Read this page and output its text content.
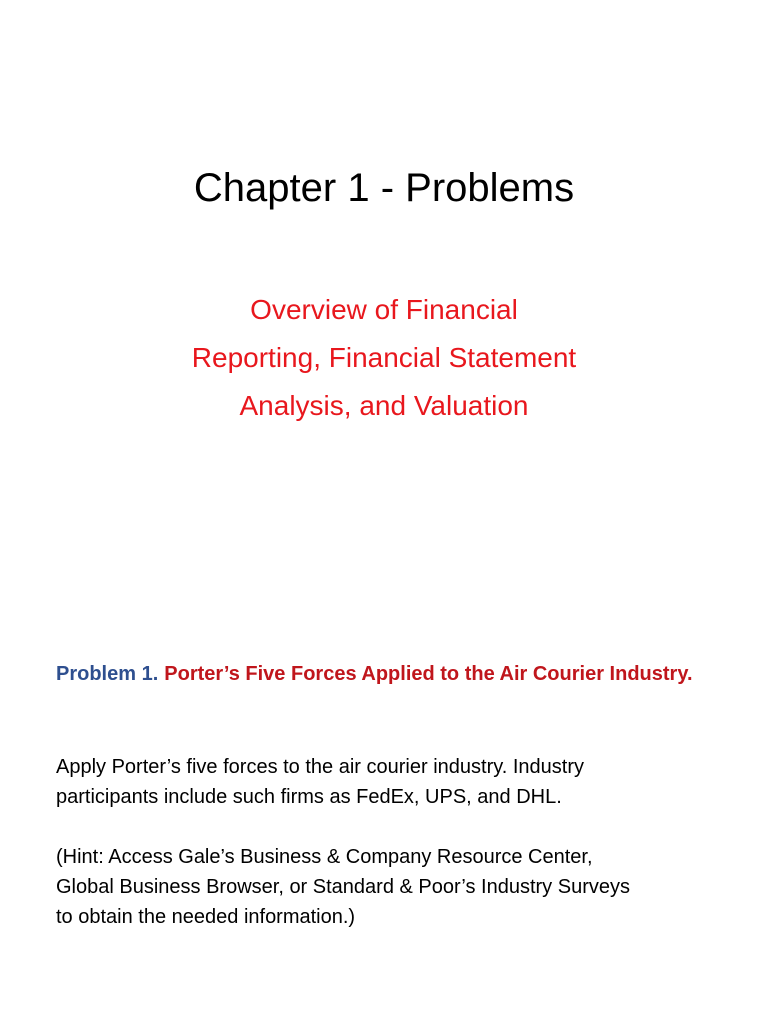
Chapter 1 - Problems
Overview of Financial
Reporting, Financial Statement
Analysis, and Valuation

Problem 1. Porter’s Five Forces Applied to the Air Courier Industry.

Apply Porter’s five forces to the air courier industry. Industry
participants include such firms as FedEx, UPS, and DHL.

(Hint: Access Gale’s Business & Company Resource Center,
Global Business Browser, or Standard & Poor’s Industry Surveys
to obtain the needed information.)
